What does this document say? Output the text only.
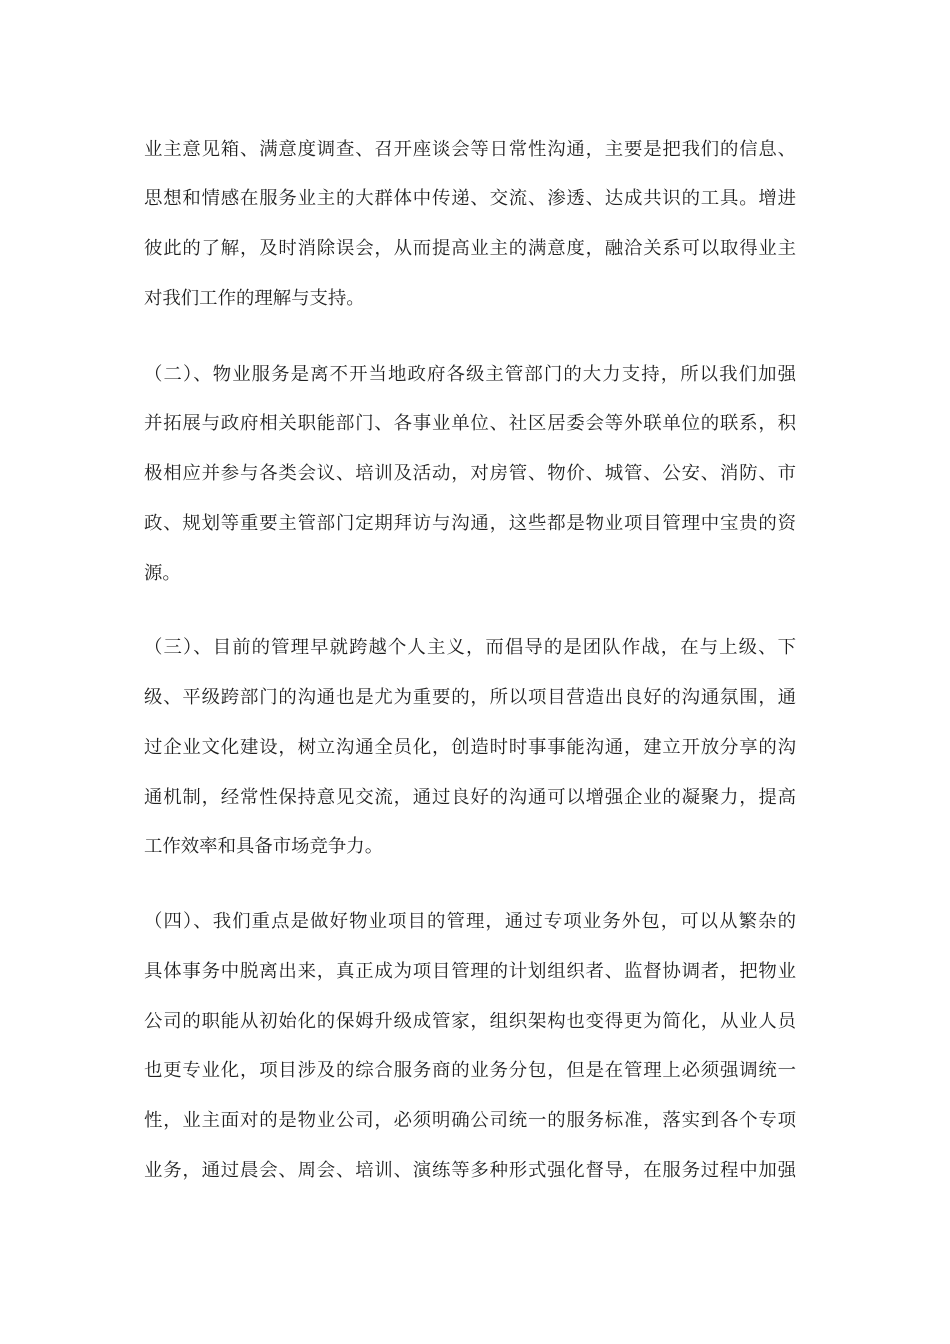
业主意见箱、满意度调查、召开座谈会等日常性沟通，主要是把我们的信息、
思想和情感在服务业主的大群体中传递、交流、渗透、达成共识的工具。增进
彼此的了解，及时消除误会，从而提高业主的满意度，融洽关系可以取得业主
对我们工作的理解与支持。
（二）、物业服务是离不开当地政府各级主管部门的大力支持，所以我们加强
并拓展与政府相关职能部门、各事业单位、社区居委会等外联单位的联系，积
极相应并参与各类会议、培训及活动，对房管、物价、城管、公安、消防、市
政、规划等重要主管部门定期拜访与沟通，这些都是物业项目管理中宝贵的资
源。
（三）、目前的管理早就跨越个人主义，而倡导的是团队作战，在与上级、下
级、平级跨部门的沟通也是尤为重要的，所以项目营造出良好的沟通氛围，通
过企业文化建设，树立沟通全员化，创造时时事事能沟通，建立开放分享的沟
通机制，经常性保持意见交流，通过良好的沟通可以增强企业的凝聚力，提高
工作效率和具备市场竞争力。
（四）、我们重点是做好物业项目的管理，通过专项业务外包，可以从繁杂的
具体事务中脱离出来，真正成为项目管理的计划组织者、监督协调者，把物业
公司的职能从初始化的保姆升级成管家，组织架构也变得更为简化，从业人员
也更专业化，项目涉及的综合服务商的业务分包，但是在管理上必须强调统一
性，业主面对的是物业公司，必须明确公司统一的服务标准，落实到各个专项
业务，通过晨会、周会、培训、演练等多种形式强化督导，在服务过程中加强
